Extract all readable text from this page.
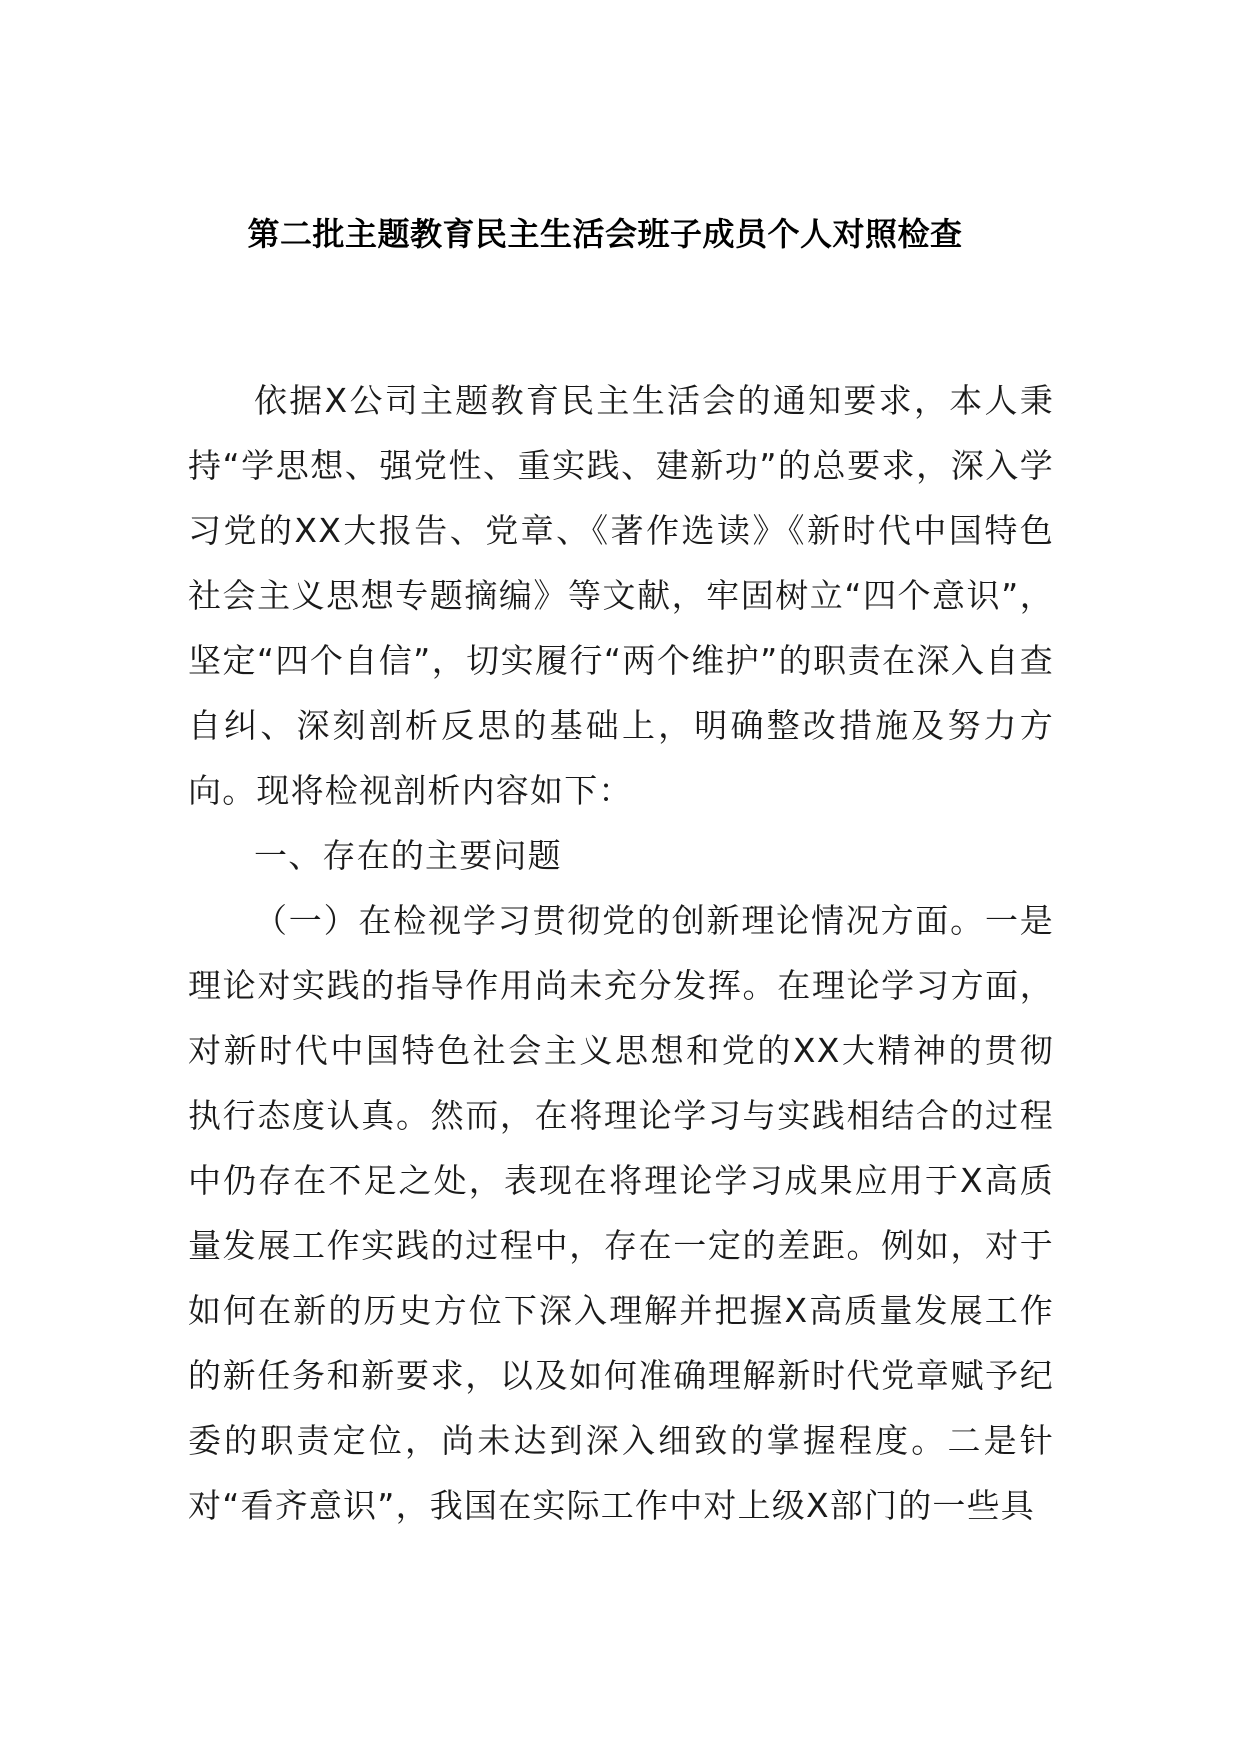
第二批主题教育民主生活会班子成员个人对照检查

依据X公司主题教育民主生活会的通知要求，本人秉持“学思想、强党性、重实践、建新功”的总要求，深入学习党的XX大报告、党章、《著作选读》《新时代中国特色社会主义思想专题摘编》等文献，牢固树立“四个意识”，坚定“四个自信”，切实履行“两个维护”的职责在深入自查自纠、深刻剖析反思的基础上，明确整改措施及努力方向。现将检视剖析内容如下：

一、存在的主要问题

（一）在检视学习贯彻党的创新理论情况方面。一是理论对实践的指导作用尚未充分发挥。在理论学习方面，对新时代中国特色社会主义思想和党的XX大精神的贯彻执行态度认真。然而，在将理论学习与实践相结合的过程中仍存在不足之处，表现在将理论学习成果应用于X高质量发展工作实践的过程中，存在一定的差距。例如，对于如何在新的历史方位下深入理解并把握X高质量发展工作的新任务和新要求，以及如何准确理解新时代党章赋予纪委的职责定位，尚未达到深入细致的掌握程度。二是针对“看齐意识”，我国在实际工作中对上级X部门的一些具
